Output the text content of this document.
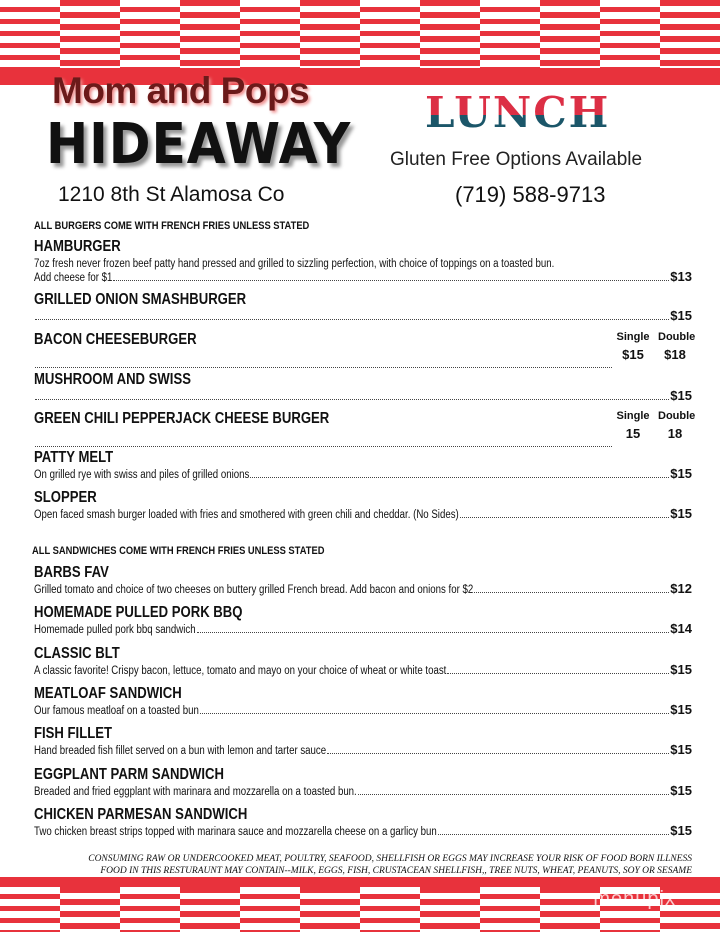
menupix
Mom and Pops
HIDEAWAY
1210 8th St Alamosa Co
LUNCH
Gluten Free Options Available
(719) 588-9713
ALL BURGERS COME WITH FRENCH FRIES UNLESS STATED
HAMBURGER
7oz fresh never frozen beef patty hand pressed and grilled to sizzling perfection, with choice of toppings on a toasted bun.
Add cheese for $1	$13
GRILLED ONION SMASHBURGER
$15
BACON CHEESEBURGER	Single Double
$15	$18
MUSHROOM AND SWISS
$15
GREEN CHILI PEPPERJACK CHEESE BURGER	Single Double
15	18
PATTY MELT
On grilled rye with swiss and piles of grilled onions	$15
SLOPPER
Open faced smash burger loaded with fries and smothered with green chili and cheddar. (No Sides)	$15
ALL SANDWICHES COME WITH FRENCH FRIES UNLESS STATED
BARBS FAV
Grilled tomato and choice of two cheeses on buttery grilled French bread. Add bacon and onions for $2	$12
HOMEMADE PULLED PORK BBQ
Homemade pulled pork bbq sandwich	$14
CLASSIC BLT
A classic favorite! Crispy bacon, lettuce, tomato and mayo on your choice of wheat or white toast	$15
MEATLOAF SANDWICH
Our famous meatloaf on a toasted bun	$15
FISH FILLET
Hand breaded fish fillet served on a bun with lemon and tarter sauce	$15
EGGPLANT PARM SANDWICH
Breaded and fried eggplant with marinara and mozzarella on a toasted bun.	$15
CHICKEN PARMESAN SANDWICH
Two chicken breast strips topped with marinara sauce and mozzarella cheese on a garlicy bun	$15
CONSUMING RAW OR UNDERCOOKED MEAT, POULTRY, SEAFOOD, SHELLFISH OR EGGS MAY INCREASE YOUR RISK OF FOOD BORN ILLNESS
FOOD IN THIS RESTURAUNT MAY CONTAIN--MILK, EGGS, FISH, CRUSTACEAN SHELLFISH,, TREE NUTS, WHEAT, PEANUTS, SOY OR SESAME
